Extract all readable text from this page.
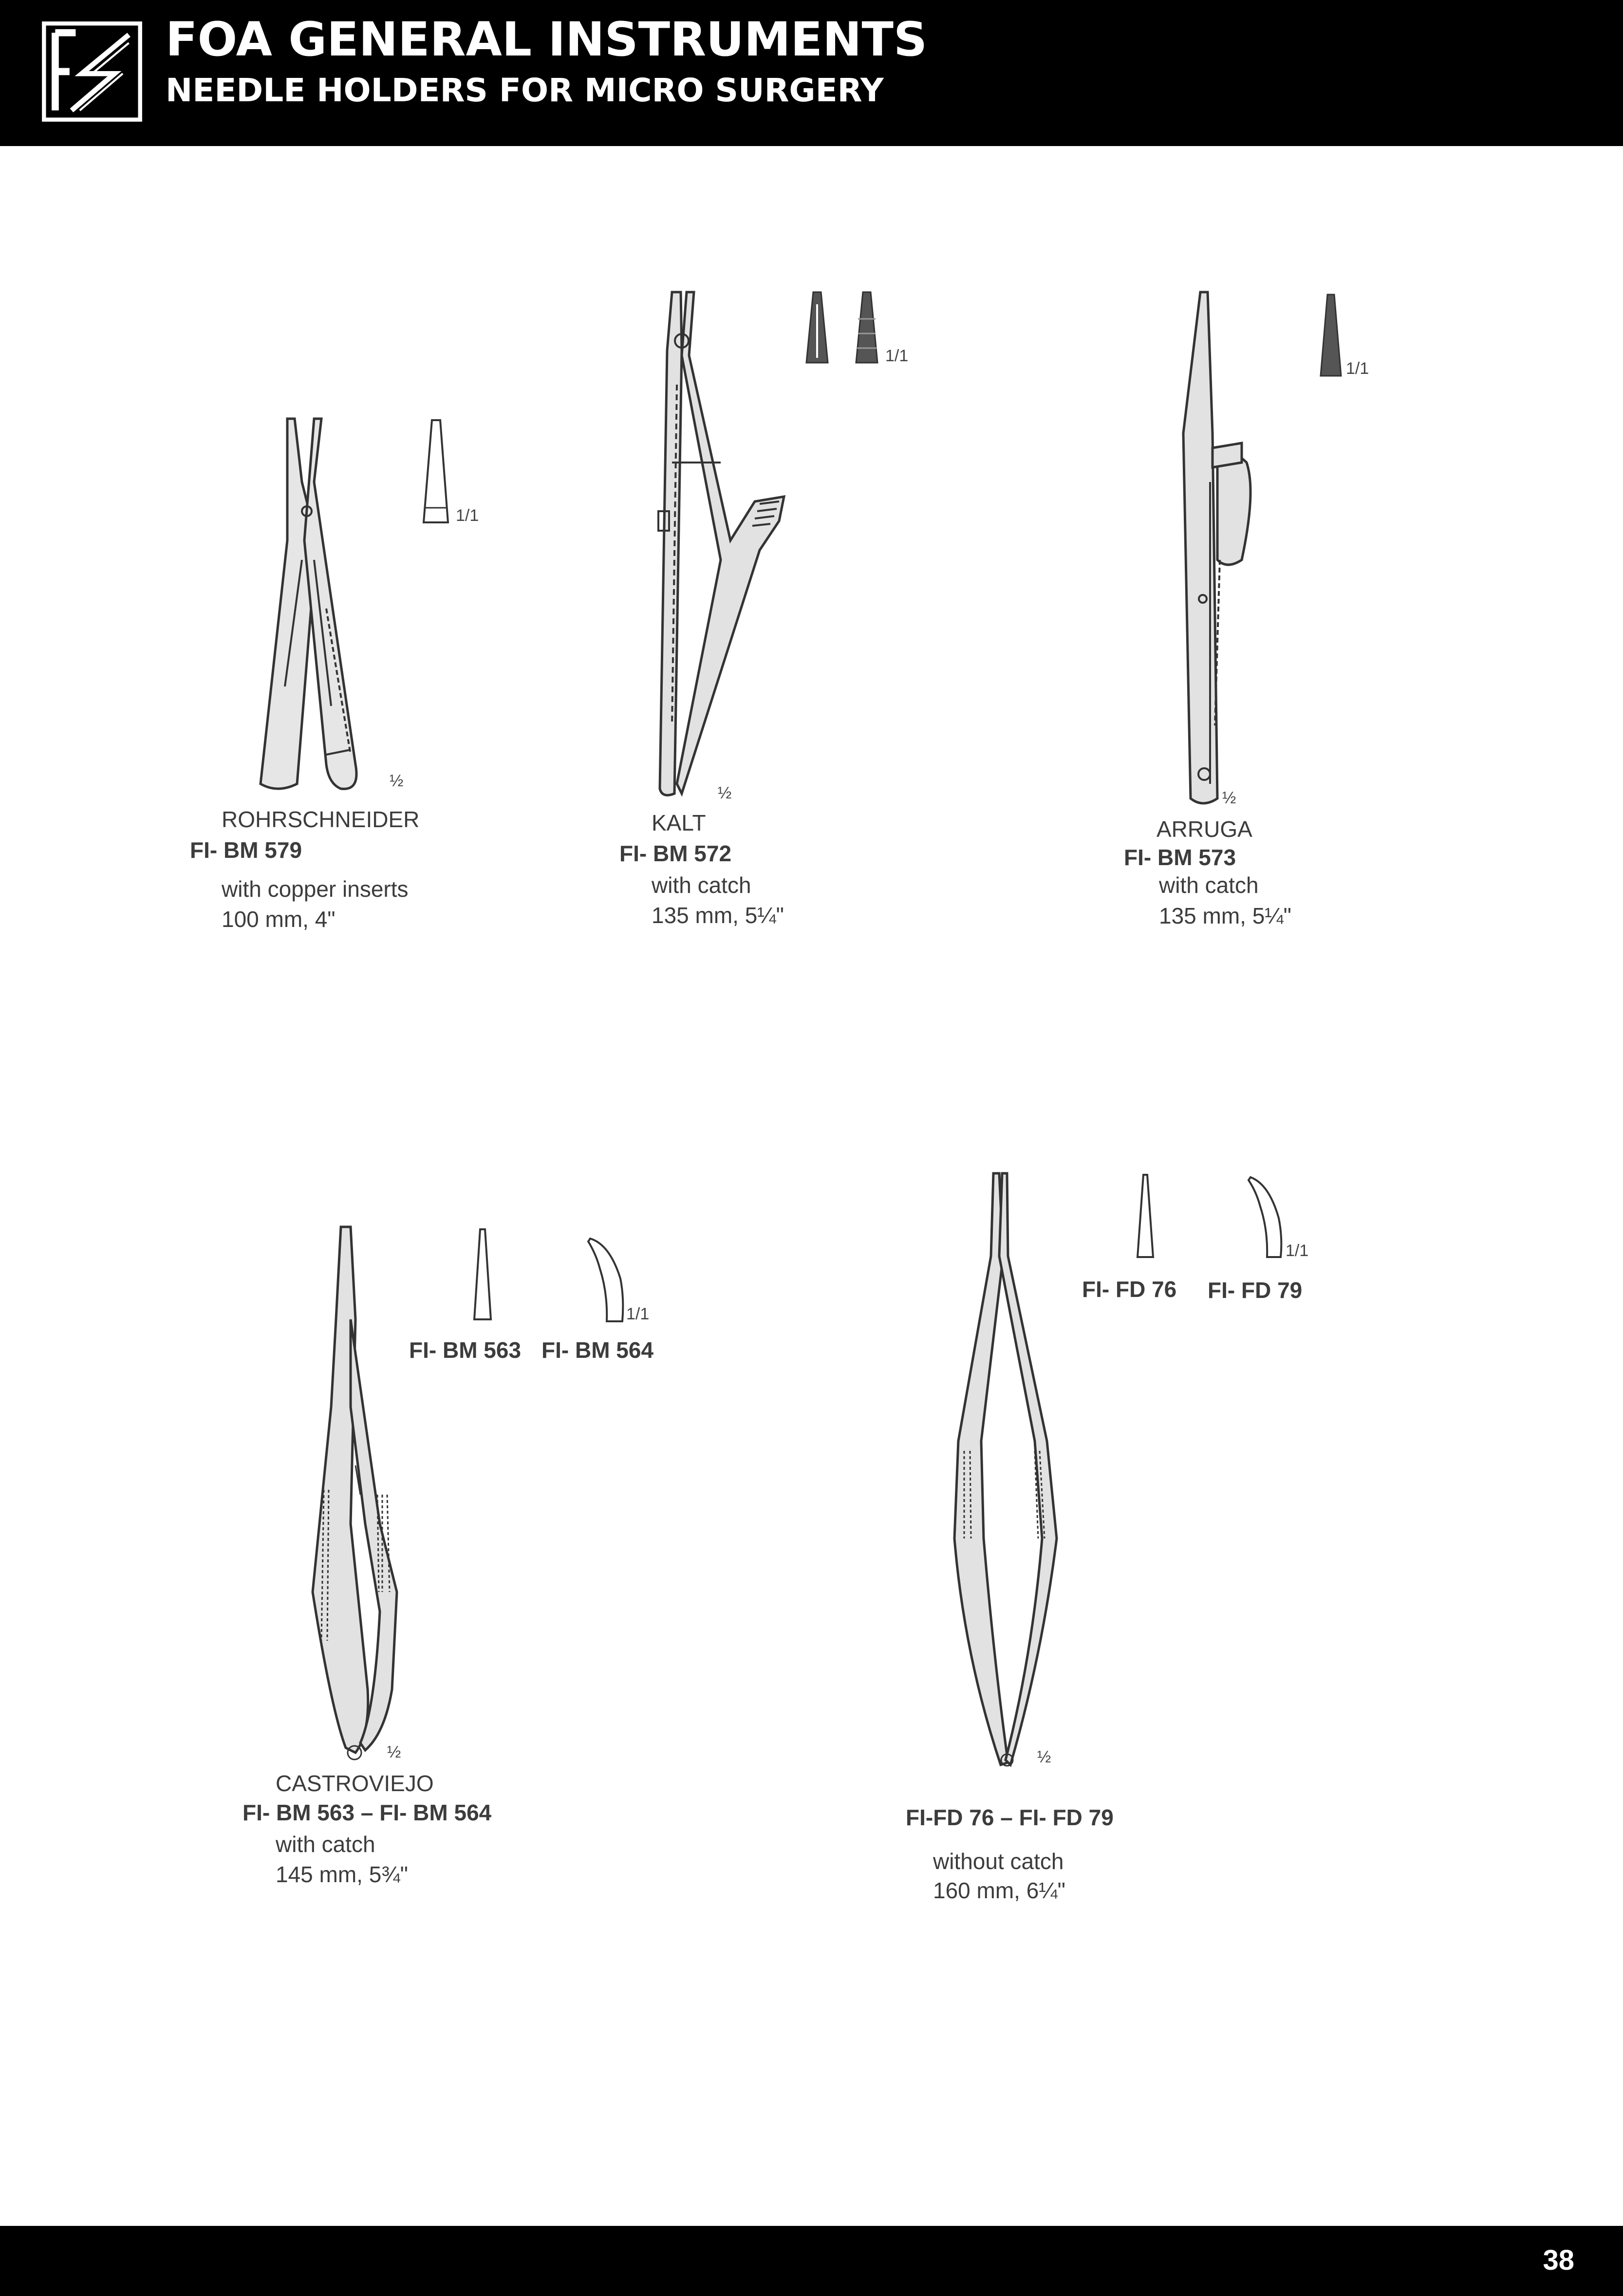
FOA GENERAL INSTRUMENTS
NEEDLE HOLDERS FOR MICRO SURGERY
1/1
½
ROHRSCHNEIDER
FI- BM 579
with copper inserts
100 mm, 4"
1/1
½
KALT
FI- BM 572
with catch
135 mm, 5¼"
1/1
½
ARRUGA
FI- BM 573
with catch
135 mm, 5¼"
1/1
FI- BM 563 FI- BM 564
½
CASTROVIEJO
FI- BM 563 – FI- BM 564
with catch
145 mm, 5¾"
1/1
FI- FD 76 FI- FD 79
½
FI-FD 76 – FI- FD 79
without catch
160 mm, 6¼"
38
